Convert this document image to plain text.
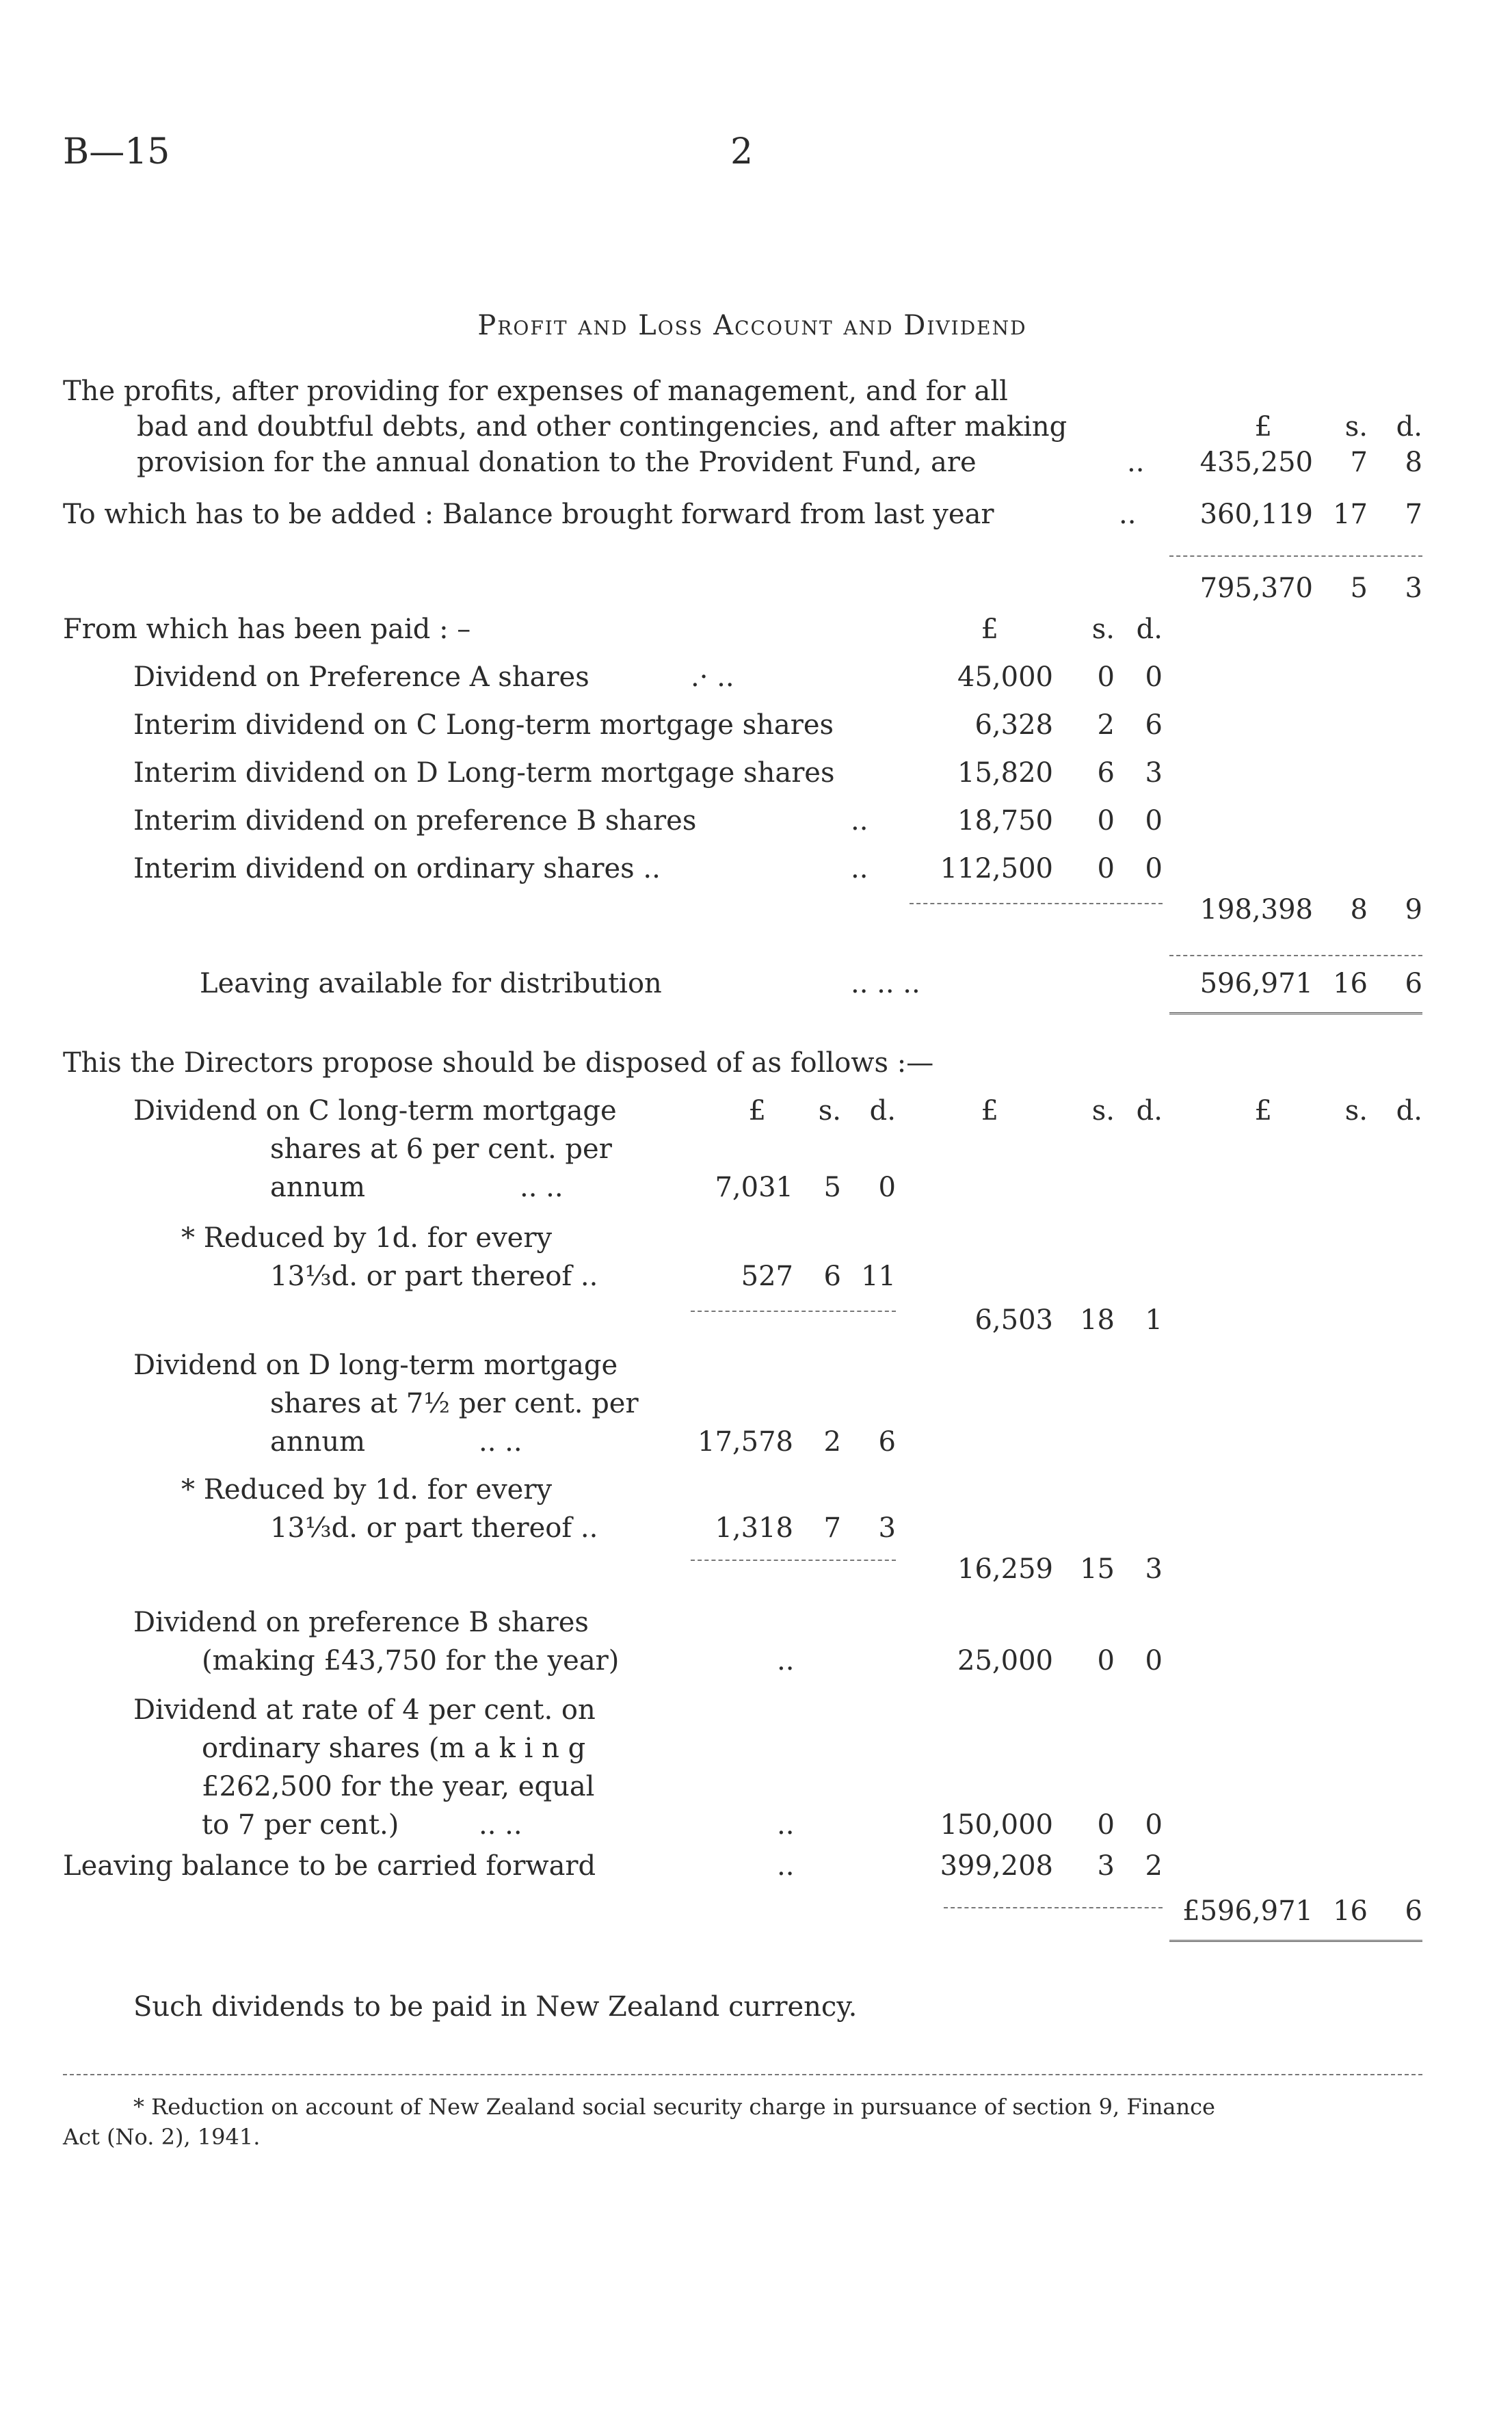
B—15	2
Profit and Loss Account and Dividend
The profits, after providing for expenses of management, and for all
bad and doubtful debts, and other contingencies, and after making
provision for the annual donation to the Provident Fund, are	..
£	s.	d.
435,250	7	8
To which has to be added : Balance brought forward from last year	..	360,119 17	7
795,370	5	3
From which has been paid : –	£	s. d.
Dividend on Preference A shares	.· ..	45,000	0	0
Interim dividend on C Long-term mortgage shares	6,328	2	6
Interim dividend on D Long-term mortgage shares	15,820	6	3
Interim dividend on preference B shares	..	18,750	0	0
Interim dividend on ordinary shares ..	..	112,500	0	0
198,398	8	9
Leaving available for distribution	.. .. ..	596,971 16	6
This the Directors propose should be disposed of as follows :—
£	s.	d.	£	s. d.	£	s.	d.
Dividend on C long-term mortgage
shares at 6 per cent. per
annum	.. ..	7,031	5	0
* Reduced by 1d. for every
13⅓d. or part thereof ..	527	6 11
6,503 18	1
Dividend on D long-term mortgage
shares at 7½ per cent. per
annum	.. ..	17,578	2	6
* Reduced by 1d. for every
13⅓d. or part thereof ..	1,318	7	3
16,259 15	3
Dividend on preference B shares
(making £43,750 for the year)	..	25,000	0	0
Dividend at rate of 4 per cent. on
ordinary shares (m a k i n g
£262,500 for the year, equal
to 7 per cent.)	.. ..	..	150,000	0	0
Leaving balance to be carried forward	..	399,208	3	2
£596,971 16	6
Such dividends to be paid in New Zealand currency.
* Reduction on account of New Zealand social security charge in pursuance of section 9, Finance
Act (No. 2), 1941.
